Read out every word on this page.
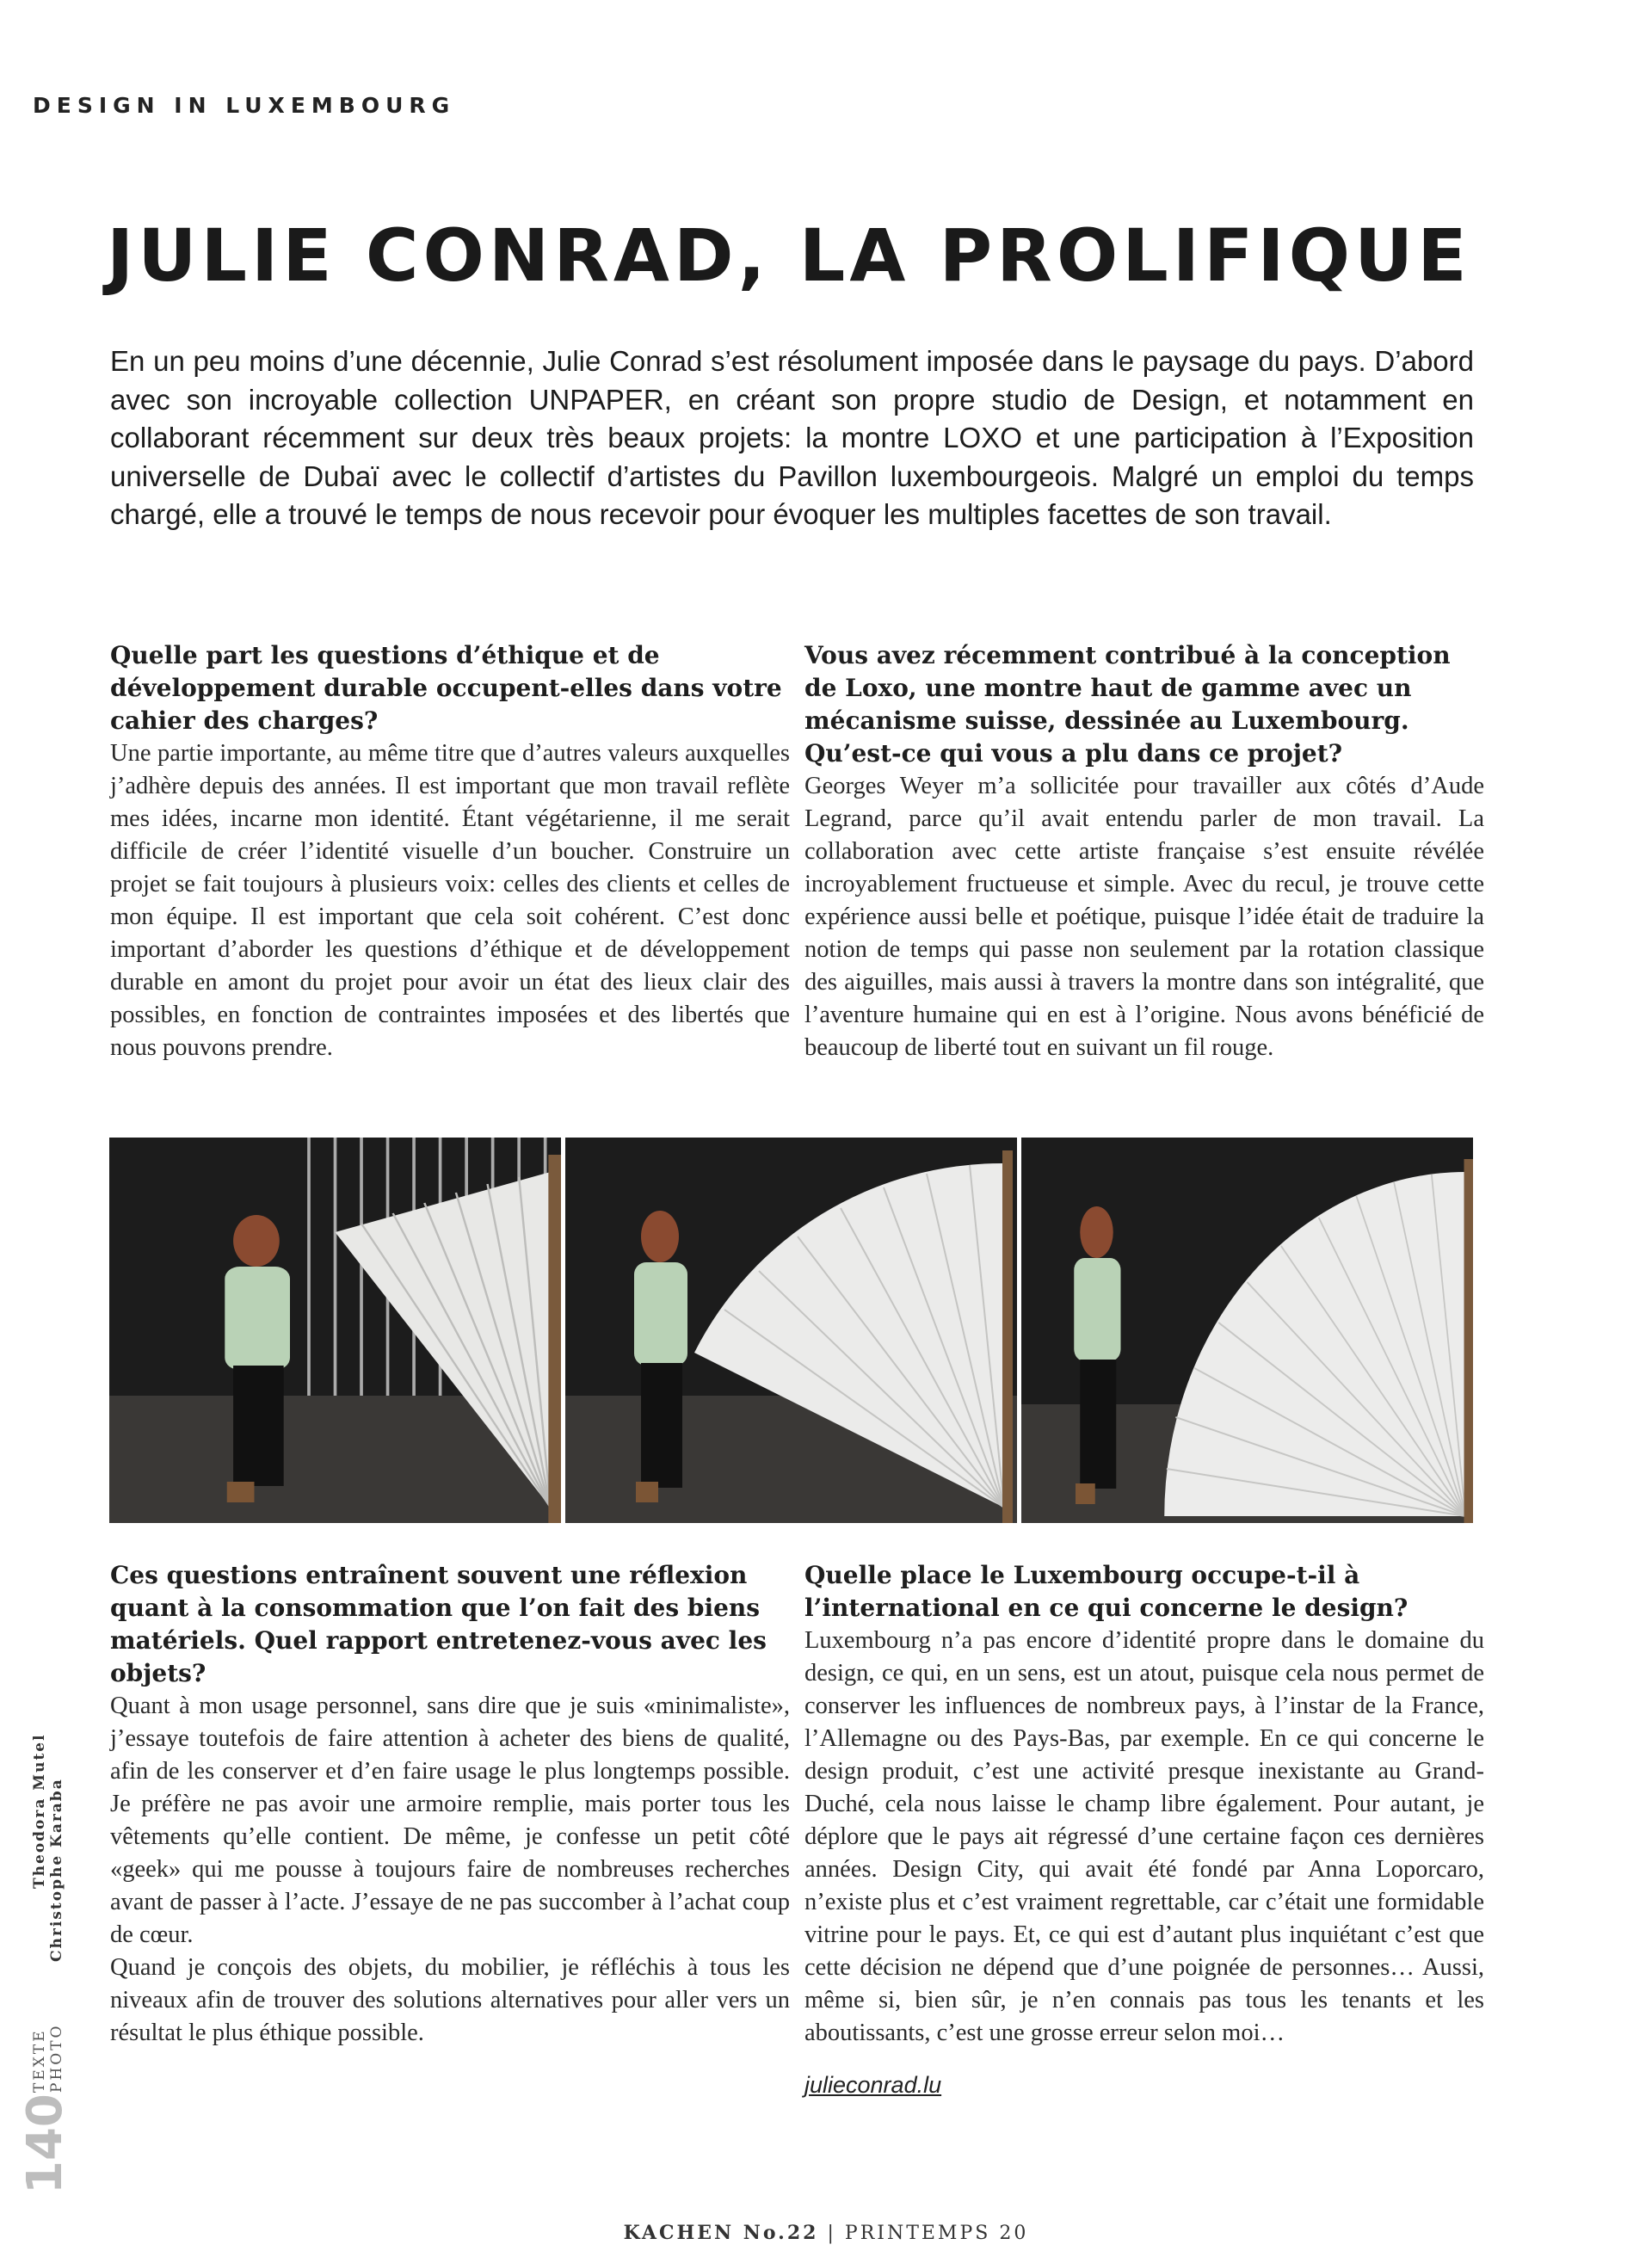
DESIGN IN LUXEMBOURG
JULIE CONRAD, LA PROLIFIQUE

En un peu moins d’une décennie, Julie Conrad s’est résolument imposée dans le paysage du pays. D’abord avec son incroyable collection UNPAPER, en créant son propre studio de Design, et notamment en collaborant récemment sur deux très beaux projets: la montre LOXO et une participation à l’Exposition universelle de Dubaï avec le collectif d’artistes du Pavillon luxembourgeois. Malgré un emploi du temps chargé, elle a trouvé le temps de nous recevoir pour évoquer les multiples facettes de son travail.

Quelle part les questions d’éthique et de développement durable occupent-elles dans votre cahier des charges?

Une partie importante, au même titre que d’autres valeurs auxquelles j’adhère depuis des années. Il est important que mon travail reflète mes idées, incarne mon identité. Étant végétarienne, il me serait difficile de créer l’identité visuelle d’un boucher. Construire un projet se fait toujours à plusieurs voix: celles des clients et celles de mon équipe. Il est important que cela soit cohérent. C’est donc important d’aborder les questions d’éthique et de développement durable en amont du projet pour avoir un état des lieux clair des possibles, en fonction de contraintes imposées et des libertés que nous pouvons prendre.

Vous avez récemment contribué à la conception de Loxo, une montre haut de gamme avec un mécanisme suisse, dessinée au Luxembourg. Qu’est-ce qui vous a plu dans ce projet?

Georges Weyer m’a sollicitée pour travailler aux côtés d’Aude Legrand, parce qu’il avait entendu parler de mon travail. La collaboration avec cette artiste française s’est ensuite révélée incroyablement fructueuse et simple. Avec du recul, je trouve cette expérience aussi belle et poétique, puisque l’idée était de traduire la notion de temps qui passe non seulement par la rotation classique des aiguilles, mais aussi à travers la montre dans son intégralité, que l’aventure humaine qui en est à l’origine. Nous avons bénéficié de beaucoup de liberté tout en suivant un fil rouge.

Ces questions entraînent souvent une réflexion quant à la consommation que l’on fait des biens matériels. Quel rapport entretenez-vous avec les objets?

Quant à mon usage personnel, sans dire que je suis «minimaliste», j’essaye toutefois de faire attention à acheter des biens de qualité, afin de les conserver et d’en faire usage le plus longtemps possible. Je préfère ne pas avoir une armoire remplie, mais porter tous les vêtements qu’elle contient. De même, je confesse un petit côté «geek» qui me pousse à toujours faire de nombreuses recherches avant de passer à l’acte. J’essaye de ne pas succomber à l’achat coup de cœur.

Quand je conçois des objets, du mobilier, je réfléchis à tous les niveaux afin de trouver des solutions alternatives pour aller vers un résultat le plus éthique possible.

Quelle place le Luxembourg occupe-t-il à l’international en ce qui concerne le design?

Luxembourg n’a pas encore d’identité propre dans le domaine du design, ce qui, en un sens, est un atout, puisque cela nous permet de conserver les influences de nombreux pays, à l’instar de la France, l’Allemagne ou des Pays-Bas, par exemple. En ce qui concerne le design produit, c’est une activité presque inexistante au Grand-Duché, cela nous laisse le champ libre également. Pour autant, je déplore que le pays ait régressé d’une certaine façon ces dernières années. Design City, qui avait été fondé par Anna Loporcaro, n’existe plus et c’est vraiment regrettable, car c’était une formidable vitrine pour le pays. Et, ce qui est d’autant plus inquiétant c’est que cette décision ne dépend que d’une poignée de personnes… Aussi, même si, bien sûr, je n’en connais pas tous les tenants et les aboutissants, c’est une grosse erreur selon moi…

julieconrad.lu
Christophe Karaba
Theodora Mutel
PHOTO
TEXTE
140
KACHEN No.22 | PRINTEMPS 20
